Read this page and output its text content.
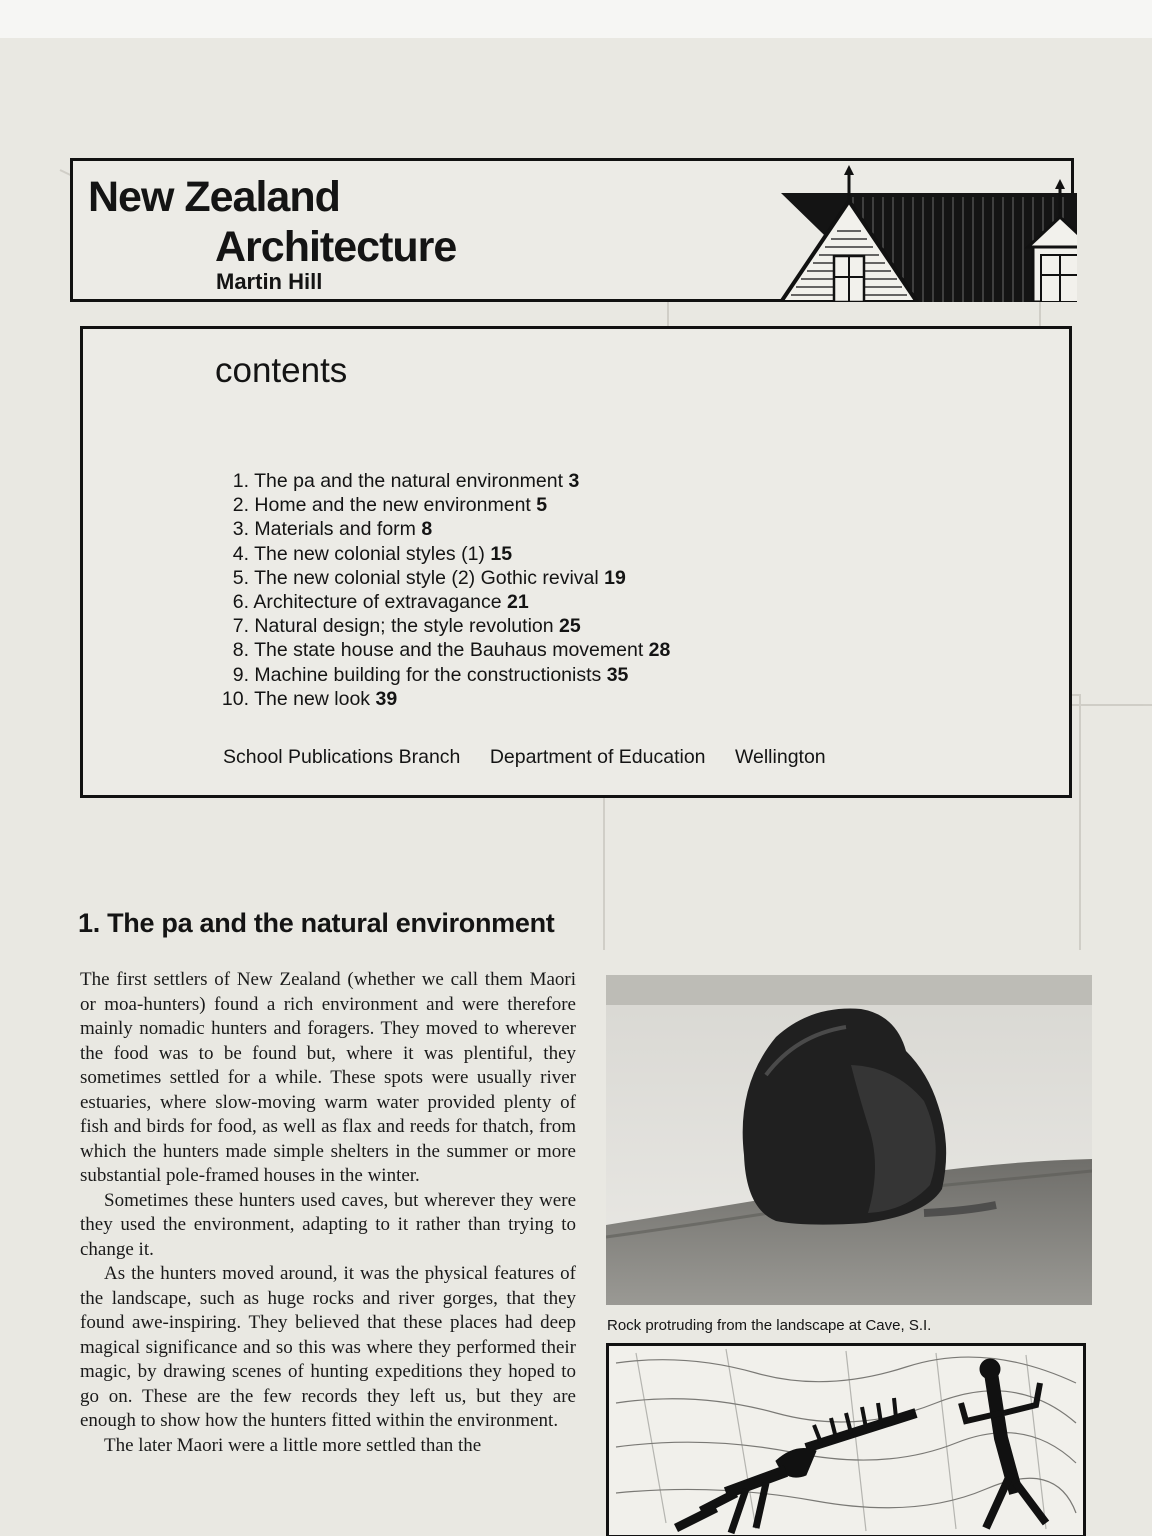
New Zealand
Architecture
Martin Hill
contents
1. The pa and the natural environment 3
2. Home and the new environment 5
3. Materials and form 8
4. The new colonial styles (1) 15
5. The new colonial style (2) Gothic revival 19
6. Architecture of extravagance 21
7. Natural design; the style revolution 25
8. The state house and the Bauhaus movement 28
9. Machine building for the constructionists 35
10. The new look 39
School Publications Branch Department of Education Wellington
1. The pa and the natural environment

The first settlers of New Zealand (whether we call them Maori or moa-hunters) found a rich environment and were therefore mainly nomadic hunters and foragers. They moved to wherever the food was to be found but, where it was plentiful, they sometimes settled for a while. These spots were usually river estuaries, where slow-moving warm water provided plenty of fish and birds for food, as well as flax and reeds for thatch, from which the hunters made simple shelters in the summer or more substantial pole-framed houses in the winter.

Sometimes these hunters used caves, but wherever they were they used the environment, adapting to it rather than trying to change it.

As the hunters moved around, it was the physical features of the landscape, such as huge rocks and river gorges, that they found awe-inspiring. They believed that these places had deep magical significance and so this was where they performed their magic, by drawing scenes of hunting expeditions they hoped to go on. These are the few records they left us, but they are enough to show how the hunters fitted within the environment.

The later Maori were a little more settled than the

Rock protruding from the landscape at Cave, S.I.
